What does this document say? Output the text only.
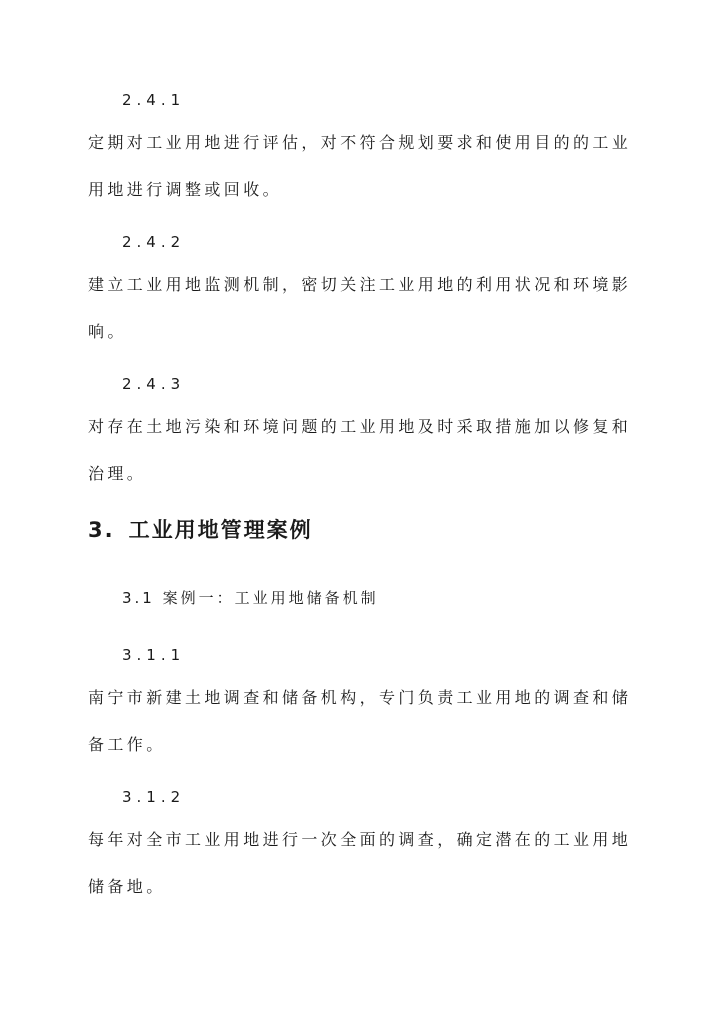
2.4.1
定期对工业用地进行评估，对不符合规划要求和使用目的的工业用地进行调整或回收。
2.4.2
建立工业用地监测机制，密切关注工业用地的利用状况和环境影响。
2.4.3
对存在土地污染和环境问题的工业用地及时采取措施加以修复和治理。
3. 工业用地管理案例
3.1 案例一：工业用地储备机制
3.1.1
南宁市新建土地调查和储备机构，专门负责工业用地的调查和储备工作。
3.1.2
每年对全市工业用地进行一次全面的调查，确定潜在的工业用地储备地。
